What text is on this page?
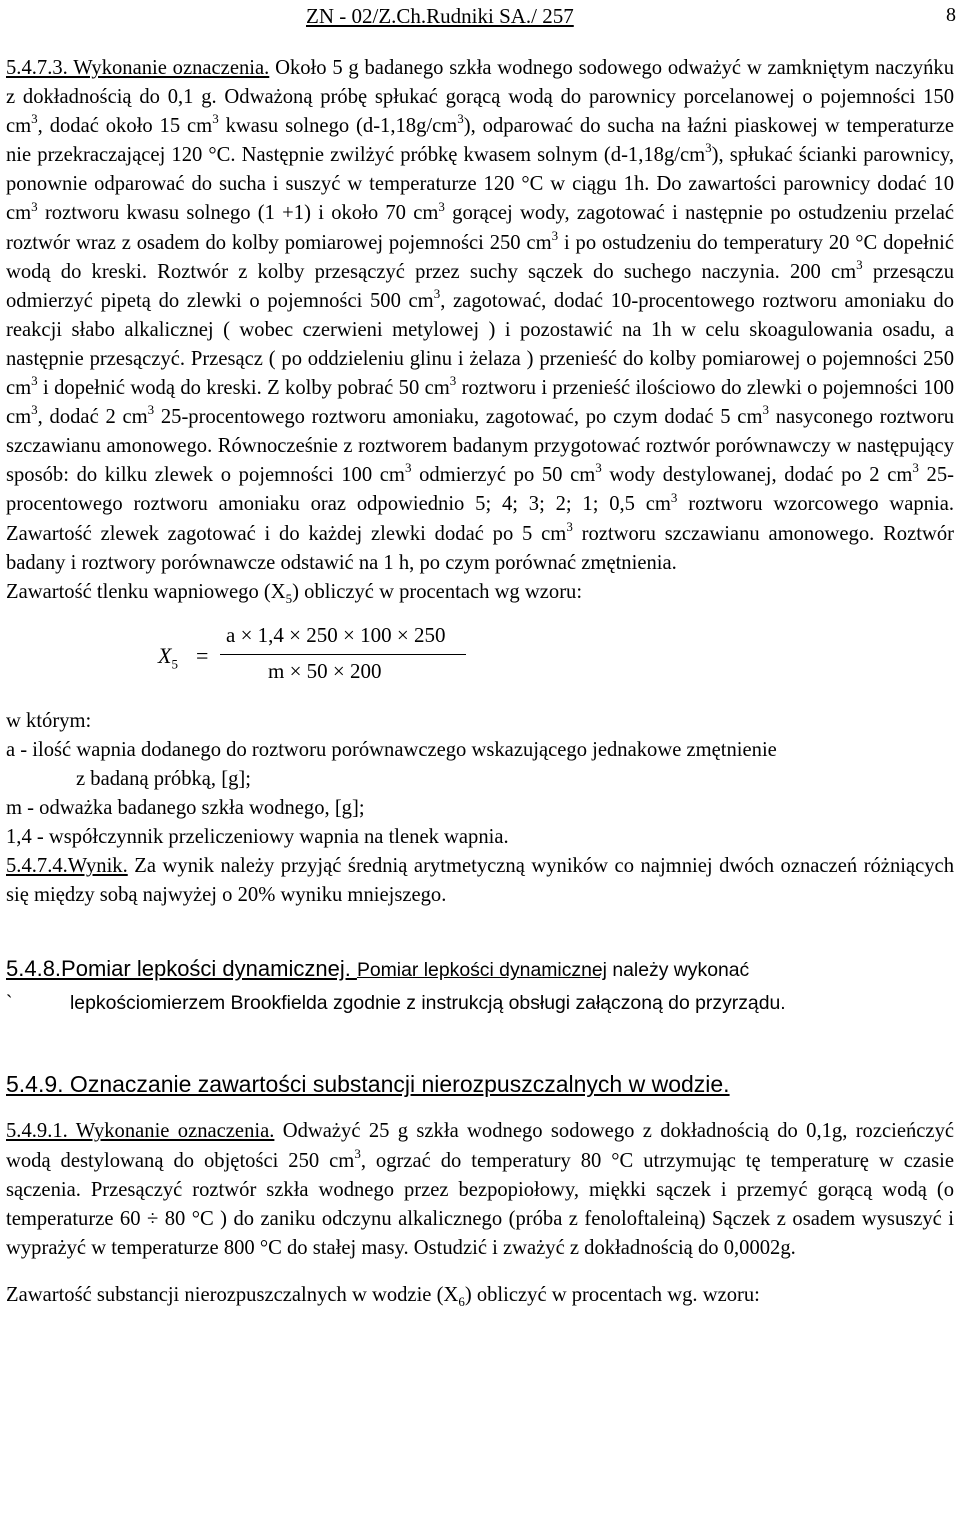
ZN - 02/Z.Ch.Rudniki SA./ 257	8

5.4.7.3. Wykonanie oznaczenia. Około 5 g badanego szkła wodnego sodowego odważyć w zamkniętym naczyńku z dokładnością do 0,1 g. Odważoną próbę spłukać gorącą wodą do parownicy porcelanowej o pojemności 150 $cm^3$, dodać około 15 $cm^3$ kwasu solnego $(d-1,18g/cm^3)$, odparować do sucha na łaźni piaskowej w temperaturze nie przekraczającej 120 °C. Następnie zwilżyć próbkę kwasem solnym $(d-1,18g/cm^3)$, spłukać ścianki parownicy, ponownie odparować do sucha i suszyć w temperaturze 120 °C w ciągu 1h. Do zawartości parownicy dodać 10 $cm^3$ roztworu kwasu solnego (1 +1) i około 70 $cm^3$ gorącej wody, zagotować i następnie po ostudzeniu przelać roztwór wraz z osadem do kolby pomiarowej pojemności 250 $cm^3$ i po ostudzeniu do temperatury 20 °C dopełnić wodą do kreski. Roztwór z kolby przesączyć przez suchy sączek do suchego naczynia. 200 $cm^3$ przesączu odmierzyć pipetą do zlewki o pojemności 500 $cm^3$, zagotować, dodać 10-procentowego roztworu amoniaku do reakcji słabo alkalicznej ( wobec czerwieni metylowej ) i pozostawić na 1h w celu skoagulowania osadu, a następnie przesączyć. Przesącz ( po oddzieleniu glinu i żelaza ) przenieść do kolby pomiarowej o pojemności 250 $cm^3$ i dopełnić wodą do kreski. Z kolby pobrać 50 $cm^3$ roztworu i przenieść ilościowo do zlewki o pojemności 100 $cm^3$, dodać 2 $cm^3$ 25-procentowego roztworu amoniaku, zagotować, po czym dodać 5 $cm^3$ nasyconego roztworu szczawianu amonowego. Równocześnie z roztworem badanym przygotować roztwór porównawczy w następujący sposób: do kilku zlewek o pojemności 100 $cm^3$ odmierzyć po 50 $cm^3$ wody destylowanej, dodać po 2 $cm^3$ 25-procentowego roztworu amoniaku oraz odpowiednio 5; 4; 3; 2; 1; 0,5 $cm^3$ roztworu wzorcowego wapnia. Zawartość zlewek zagotować i do każdej zlewki dodać po 5 $cm^3$ roztworu szczawianu amonowego. Roztwór badany i roztwory porównawcze odstawić na 1 h, po czym porównać zmętnienia.

Zawartość tlenku wapniowego $(X_5)$ obliczyć w procentach wg wzoru:

$X_5$ =
a × 1,4 × 250 × 100 × 250
m × 50 × 200

w którym:

a - ilość wapnia dodanego do roztworu porównawczego wskazującego jednakowe zmętnienie

z badaną próbką, [g];

m - odważka badanego szkła wodnego, [g];

1,4 - współczynnik przeliczeniowy wapnia na tlenek wapnia.

5.4.7.4.Wynik. Za wynik należy przyjąć średnią arytmetyczną wyników co najmniej dwóch oznaczeń różniących się między sobą najwyżej o 20% wyniku mniejszego.

5.4.8.Pomiar lepkości dynamicznej. Pomiar lepkości dynamicznej należy wykonać
`	lepkościomierzem Brookfielda zgodnie z instrukcją obsługi załączoną do przyrządu.

5.4.9. Oznaczanie zawartości substancji nierozpuszczalnych w wodzie.

5.4.9.1. Wykonanie oznaczenia. Odważyć 25 g szkła wodnego sodowego z dokładnością do 0,1g, rozcieńczyć wodą destylowaną do objętości 250 $cm^3$, ogrzać do temperatury 80 °C utrzymując tę temperaturę w czasie sączenia. Przesączyć roztwór szkła wodnego przez bezpopiołowy, miękki sączek i przemyć gorącą wodą (o temperaturze 60 ÷ 80 °C ) do zaniku odczynu alkalicznego (próba z fenoloftaleiną) Sączek z osadem wysuszyć i wyprażyć w temperaturze 800 °C do stałej masy. Ostudzić i zważyć z dokładnością do 0,0002g.

Zawartość substancji nierozpuszczalnych w wodzie $(X_6)$ obliczyć w procentach wg. wzoru:
